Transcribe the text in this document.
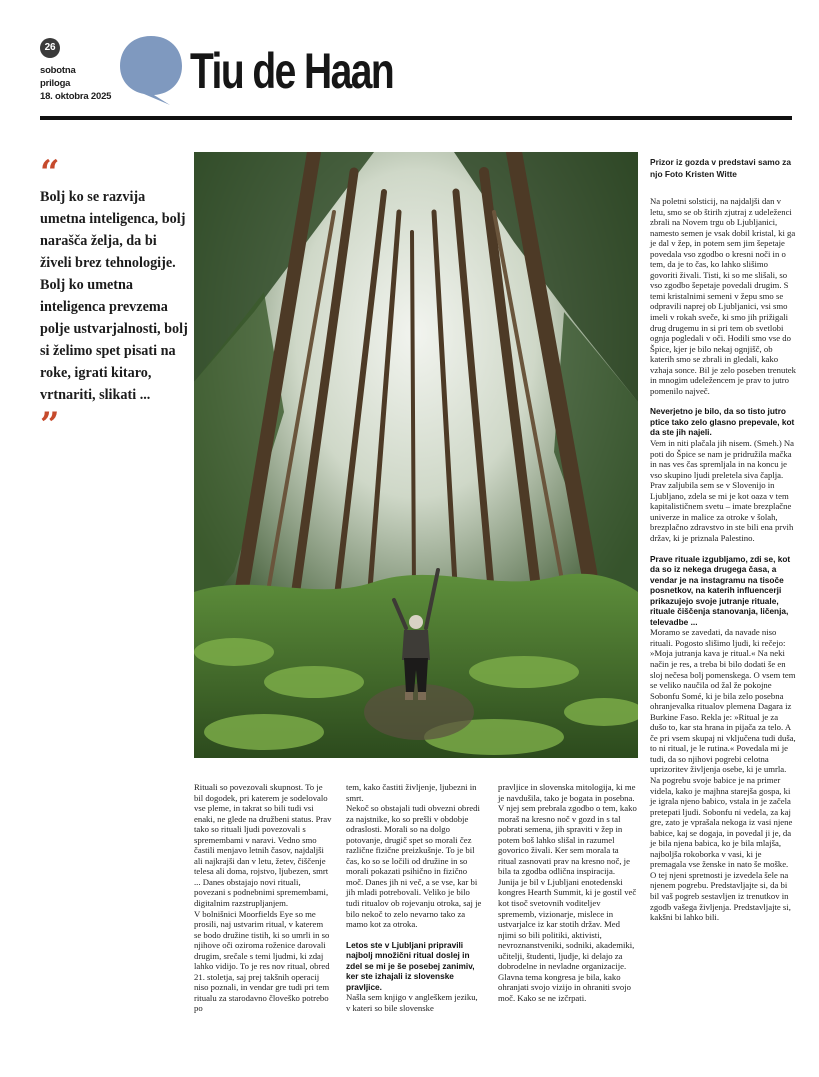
26
sobotna
priloga
18. oktobra 2025 Tiu de Haan
“
Bolj ko se razvija umetna inteligenca, bolj narašča želja, da bi živeli brez tehnologije. Bolj ko umetna inteligenca prevzema polje ustvarjalnosti, bolj si želimo spet pisati na roke, igrati kitaro, vrtnariti, slikati ...
”
Prizor iz gozda v predstavi samo za njo Foto Kristen Witte

Rituali so povezovali skupnost. To je bil dogodek, pri katerem je sodelovalo vse pleme, in takrat so bili tudi vsi enaki, ne glede na družbeni status. Prav tako so rituali ljudi povezovali s spremembami v naravi. Vedno smo častili menjavo letnih časov, najdaljši ali najkrajši dan v letu, žetev, čiščenje telesa ali doma, rojstvo, ljubezen, smrt ... Danes obstajajo novi rituali, povezani s podnebnimi spremembami, digitalnim razstrupljanjem.

V bolnišnici Moorfields Eye so me prosili, naj ustvarim ritual, v katerem se bodo družine tistih, ki so umrli in so njihove oči oziroma roženice darovali drugim, srečale s temi ljudmi, ki zdaj lahko vidijo. To je res nov ritual, obred 21. stoletja, saj prej takšnih operacij niso poznali, in vendar gre tudi pri tem ritualu za starodavno človeško potrebo po

tem, kako častiti življenje, ljubezni in smrt.

Nekoč so obstajali tudi obvezni obredi za najstnike, ko so prešli v obdobje odraslosti. Morali so na dolgo potovanje, drugič spet so morali čez različne fizične preizkušnje. To je bil čas, ko so se ločili od družine in so morali pokazati psihično in fizično moč. Danes jih ni več, a se vse, kar bi jih mladi potrebovali. Veliko je bilo tudi ritualov ob rojevanju otroka, saj je bilo nekoč to zelo nevarno tako za mamo kot za otroka.

Letos ste v Ljubljani pripravili najbolj množični ritual doslej in zdel se mi je še posebej zanimiv, ker ste izhajali iz slovenske pravljice.

Našla sem knjigo v angleškem jeziku, v kateri so bile slovenske

pravljice in slovenska mitologija, ki me je navdušila, tako je bogata in posebna. V njej sem prebrala zgodbo o tem, kako moraš na kresno noč v gozd in s tal pobrati semena, jih spraviti v žep in potem boš lahko slišal in razumel govorico živali. Ker sem morala ta ritual zasnovati prav na kresno noč, je bila ta zgodba odlična inspiracija.

Junija je bil v Ljubljani enotedenski kongres Hearth Summit, ki je gostil več kot tisoč svetovnih voditeljev sprememb, vizionarje, mislece in ustvarjalce iz kar stotih držav. Med njimi so bili politiki, aktivisti, nevroznanstveniki, sodniki, akademiki, učitelji, študenti, ljudje, ki delajo za dobrodelne in nevladne organizacije. Glavna tema kongresa je bila, kako ohranjati svojo vizijo in ohraniti svojo moč. Kako se ne izčrpati.

Na poletni solsticij, na najdaljši dan v letu, smo se ob štirih zjutraj z udeleženci zbrali na Novem trgu ob Ljubljanici, namesto semen je vsak dobil kristal, ki ga je dal v žep, in potem sem jim šepetaje povedala vso zgodbo o kresni noči in o tem, da je to čas, ko lahko slišimo govoriti živali. Tisti, ki so me slišali, so vso zgodbo šepetaje povedali drugim. S temi kristalnimi semeni v žepu smo se odpravili naprej ob Ljubljanici, vsi smo imeli v rokah sveče, ki smo jih prižigali drug drugemu in si pri tem ob svetlobi ognja pogledali v oči. Hodili smo vse do Špice, kjer je bilo nekaj ognjišč, ob katerih smo se zbrali in gledali, kako vzhaja sonce. Bil je zelo poseben trenutek in mnogim udeležencem je prav to jutro pomenilo največ.

Neverjetno je bilo, da so tisto jutro ptice tako zelo glasno prepevale, kot da ste jih najeli.

Vem in niti plačala jih nisem. (Smeh.) Na poti do Špice se nam je pridružila mačka in nas ves čas spremljala in na koncu je vso skupino ljudi preletela siva čaplja. Prav zaljubila sem se v Slovenijo in Ljubljano, zdela se mi je kot oaza v tem kapitalističnem svetu – imate brezplačne univerze in malice za otroke v šolah, brezplačno zdravstvo in ste bili ena prvih držav, ki je priznala Palestino.

Prave rituale izgubljamo, zdi se, kot da so iz nekega drugega časa, a vendar je na instagramu na tisoče posnetkov, na katerih influencerji prikazujejo svoje jutranje rituale, rituale čiščenja stanovanja, ličenja, televadbe ...

Moramo se zavedati, da navade niso rituali. Pogosto slišimo ljudi, ki rečejo: »Moja jutranja kava je ritual.« Na neki način je res, a treba bi bilo dodati še en sloj nečesa bolj pomenskega. O vsem tem se veliko naučila od žal že pokojne Sobonfu Somé, ki je bila zelo posebna ohranjevalka ritualov plemena Dagara iz Burkine Faso. Rekla je: »Ritual je za dušo to, kar sta hrana in pijača za telo. A če pri vsem skupaj ni vključena tudi duša, to ni ritual, je le rutina.« Povedala mi je tudi, da so njihovi pogrebi celotna uprizoritev življenja osebe, ki je umrla. Na pogrebu svoje babice je na primer videla, kako je majhna starejša gospa, ki je igrala njeno babico, vstala in je začela pretepati ljudi. Sobonfu ni vedela, za kaj gre, zato je vprašala nekoga iz vasi njene babice, kaj se dogaja, in povedal ji je, da je bila njena babica, ko je bila mlajša, najboljša rokoborka v vasi, ki je premagala vse ženske in nato še moške. O tej njeni spretnosti je izvedela šele na njenem pogrebu. Predstavljajte si, da bi bil vaš pogreb sestavljen iz trenutkov in zgodb vašega življenja. Predstavljajte si, kakšni bi lahko bili.
